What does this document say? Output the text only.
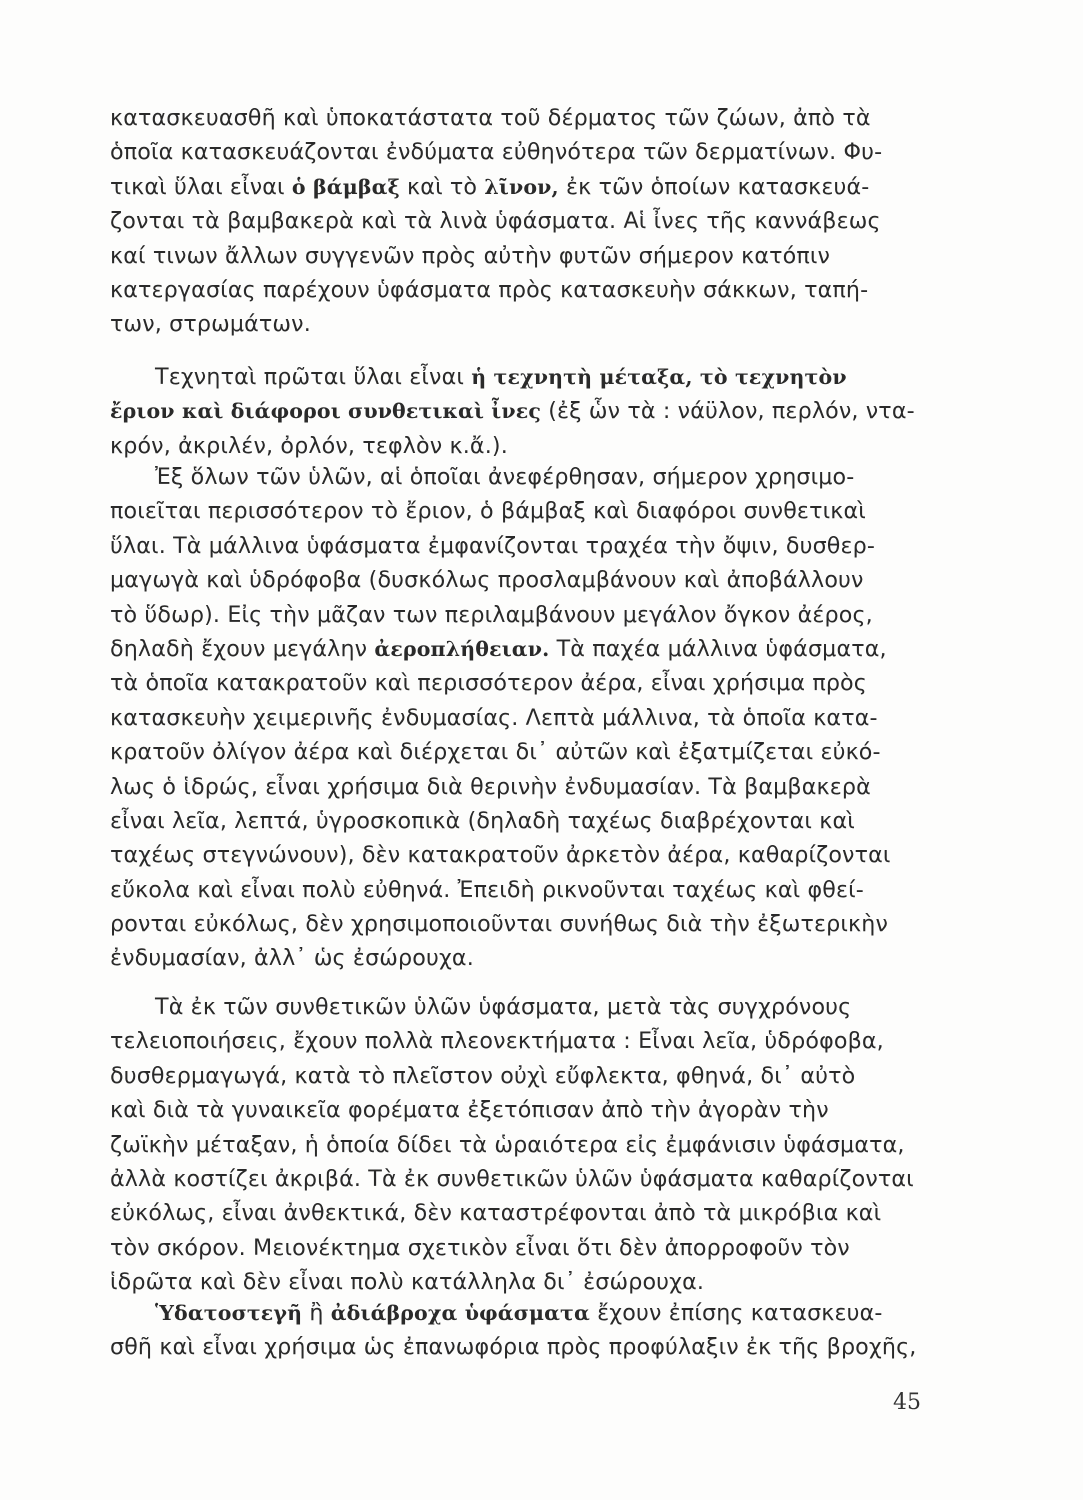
κατασκευασθῆ καὶ ὑποκατάστατα τοῦ δέρματος τῶν ζώων, ἀπὸ τὰ
ὁποῖα κατασκευάζονται ἐνδύματα εὐθηνότερα τῶν δερματίνων. Φυ-
τικαὶ ὕλαι εἶναι ὁ βάμβαξ καὶ τὸ λῖνον, ἐκ τῶν ὁποίων κατασκευά-
ζονται τὰ βαμβακερὰ καὶ τὰ λινὰ ὑφάσματα. Αἱ ἶνες τῆς καννάβεως
καί τινων ἄλλων συγγενῶν πρὸς αὐτὴν φυτῶν σήμερον κατόπιν
κατεργασίας παρέχουν ὑφάσματα πρὸς κατασκευὴν σάκκων, ταπή-
των, στρωμάτων.
Τεχνηταὶ πρῶται ὕλαι εἶναι ἡ τεχνητὴ μέταξα, τὸ τεχνητὸν
ἔριον καὶ διάφοροι συνθετικαὶ ἶνες (ἐξ ὧν τὰ : νάϋλον, περλόν, ντα-
κρόν, ἀκριλέν, ὀρλόν, τεφλὸν κ.ἄ.).
Ἐξ ὅλων τῶν ὑλῶν, αἱ ὁποῖαι ἀνεφέρθησαν, σήμερον χρησιμο-
ποιεῖται περισσότερον τὸ ἔριον, ὁ βάμβαξ καὶ διαφόροι συνθετικαὶ
ὕλαι. Τὰ μάλλινα ὑφάσματα ἐμφανίζονται τραχέα τὴν ὄψιν, δυσθερ-
μαγωγὰ καὶ ὑδρόφοβα (δυσκόλως προσλαμβάνουν καὶ ἀποβάλλουν
τὸ ὕδωρ). Εἰς τὴν μᾶζαν των περιλαμβάνουν μεγάλον ὄγκον ἀέρος,
δηλαδὴ ἔχουν μεγάλην ἀεροπλήθειαν. Τὰ παχέα μάλλινα ὑφάσματα,
τὰ ὁποῖα κατακρατοῦν καὶ περισσότερον ἀέρα, εἶναι χρήσιμα πρὸς
κατασκευὴν χειμερινῆς ἐνδυμασίας. Λεπτὰ μάλλινα, τὰ ὁποῖα κατα-
κρατοῦν ὀλίγον ἀέρα καὶ διέρχεται δι᾽ αὐτῶν καὶ ἐξατμίζεται εὐκό-
λως ὁ ἱδρώς, εἶναι χρήσιμα διὰ θερινὴν ἐνδυμασίαν. Τὰ βαμβακερὰ
εἶναι λεῖα, λεπτά, ὑγροσκοπικὰ (δηλαδὴ ταχέως διαβρέχονται καὶ
ταχέως στεγνώνουν), δὲν κατακρατοῦν ἀρκετὸν ἀέρα, καθαρίζονται
εὔκολα καὶ εἶναι πολὺ εὐθηνά. Ἐπειδὴ ρικνοῦνται ταχέως καὶ φθεί-
ρονται εὐκόλως, δὲν χρησιμοποιοῦνται συνήθως διὰ τὴν ἐξωτερικὴν
ἐνδυμασίαν, ἀλλ᾽ ὡς ἐσώρουχα.
Τὰ ἐκ τῶν συνθετικῶν ὑλῶν ὑφάσματα, μετὰ τὰς συγχρόνους
τελειοποιήσεις, ἔχουν πολλὰ πλεονεκτήματα : Εἶναι λεῖα, ὑδρόφοβα,
δυσθερμαγωγά, κατὰ τὸ πλεῖστον οὐχὶ εὔφλεκτα, φθηνά, δι᾽ αὐτὸ
καὶ διὰ τὰ γυναικεῖα φορέματα ἐξετόπισαν ἀπὸ τὴν ἀγορὰν τὴν
ζωϊκὴν μέταξαν, ἡ ὁποία δίδει τὰ ὡραιότερα εἰς ἐμφάνισιν ὑφάσματα,
ἀλλὰ κοστίζει ἀκριβά. Τὰ ἐκ συνθετικῶν ὑλῶν ὑφάσματα καθαρίζονται
εὐκόλως, εἶναι ἀνθεκτικά, δὲν καταστρέφονται ἀπὸ τὰ μικρόβια καὶ
τὸν σκόρον. Μειονέκτημα σχετικὸν εἶναι ὅτι δὲν ἀπορροφοῦν τὸν
ἱδρῶτα καὶ δὲν εἶναι πολὺ κατάλληλα δι᾽ ἐσώρουχα.
Ὑδατοστεγῆ ἢ ἀδιάβροχα ὑφάσματα ἔχουν ἐπίσης κατασκευα-
σθῆ καὶ εἶναι χρήσιμα ὡς ἐπανωφόρια πρὸς προφύλαξιν ἐκ τῆς βροχῆς,
45
